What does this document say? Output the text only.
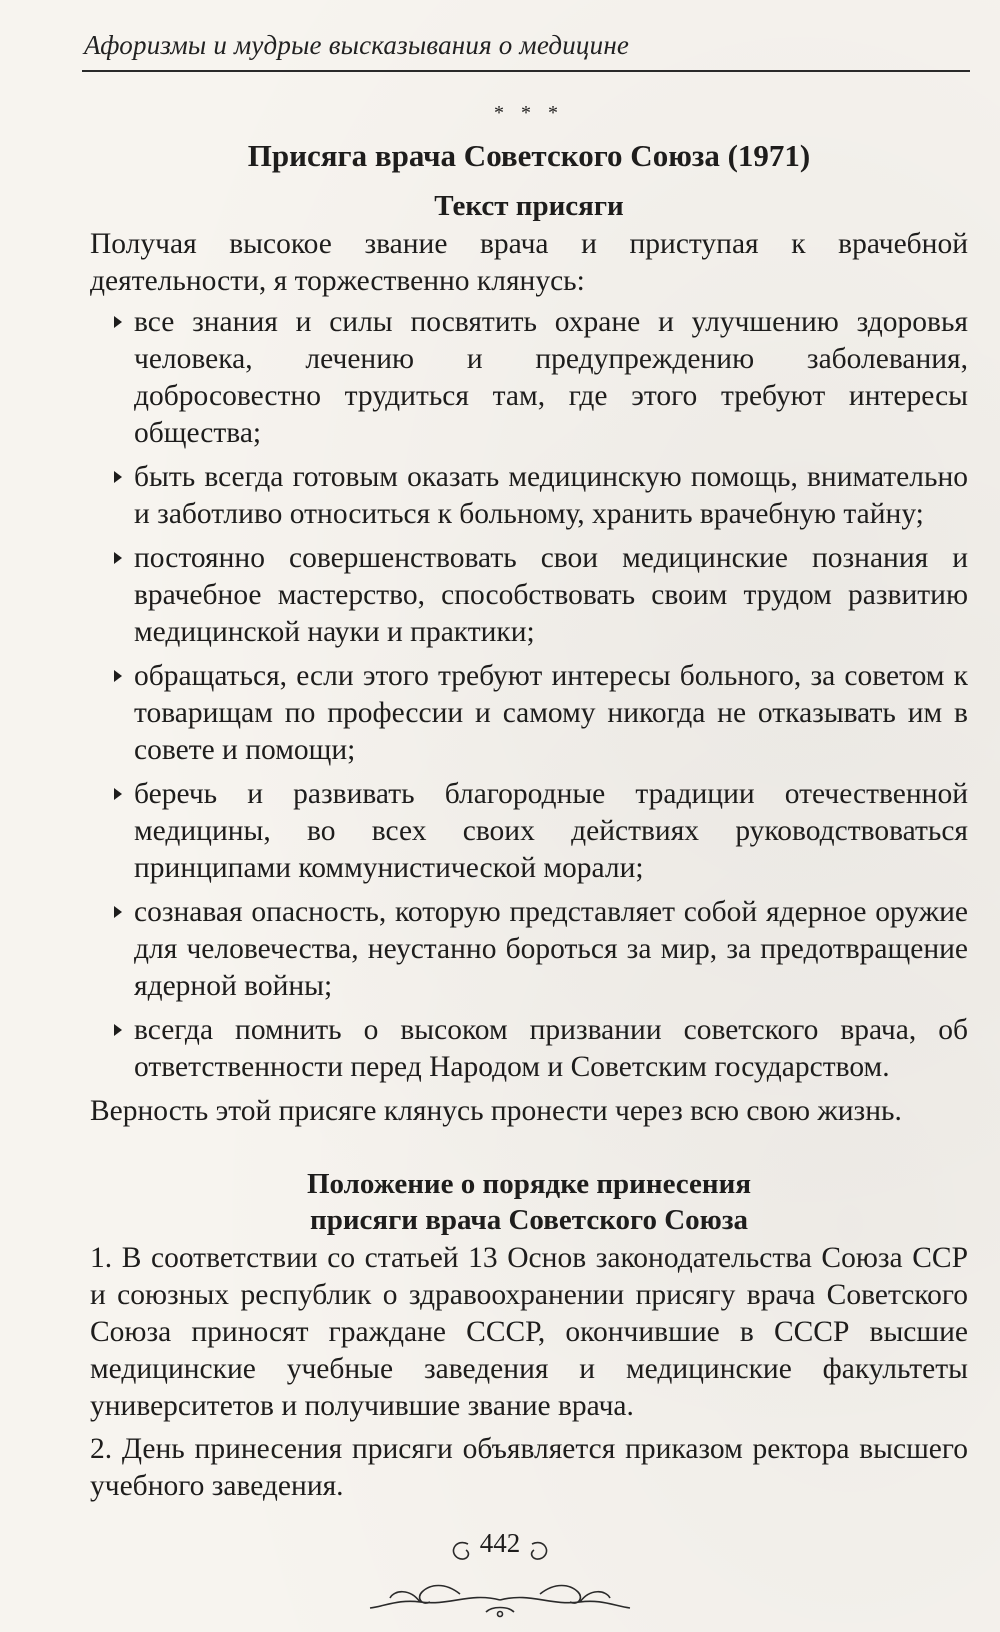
Афоризмы и мудрые высказывания о медицине
* * *
Присяга врача Советского Союза (1971)
Текст присяги

Получая высокое звание врача и приступая к врачебной деятельности, я торжественно клянусь:

все знания и силы посвятить охране и улучшению здоровья человека, лечению и предупреждению заболевания, добросовестно трудиться там, где этого требуют интересы общества;
быть всегда готовым оказать медицинскую помощь, внимательно и заботливо относиться к больному, хранить врачебную тайну;
постоянно совершенствовать свои медицинские познания и врачебное мастерство, способствовать своим трудом развитию медицинской науки и практики;
обращаться, если этого требуют интересы больного, за советом к товарищам по профессии и самому никогда не отказывать им в совете и помощи;
беречь и развивать благородные традиции отечественной медицины, во всех своих действиях руководствоваться принципами коммунистической морали;
сознавая опасность, которую представляет собой ядерное оружие для человечества, неустанно бороться за мир, за предотвращение ядерной войны;
всегда помнить о высоком призвании советского врача, об ответственности перед Народом и Советским государством.

Верность этой присяге клянусь пронести через всю свою жизнь.

Положение о порядке принесения
присяги врача Советского Союза

1. В соответствии со статьей 13 Основ законодательства Союза ССР и союзных республик о здравоохранении присягу врача Советского Союза приносят граждане СССР, окончившие в СССР высшие медицинские учебные заведения и медицинские факультеты университетов и получившие звание врача.

2. День принесения присяги объявляется приказом ректора высшего учебного заведения.

442
